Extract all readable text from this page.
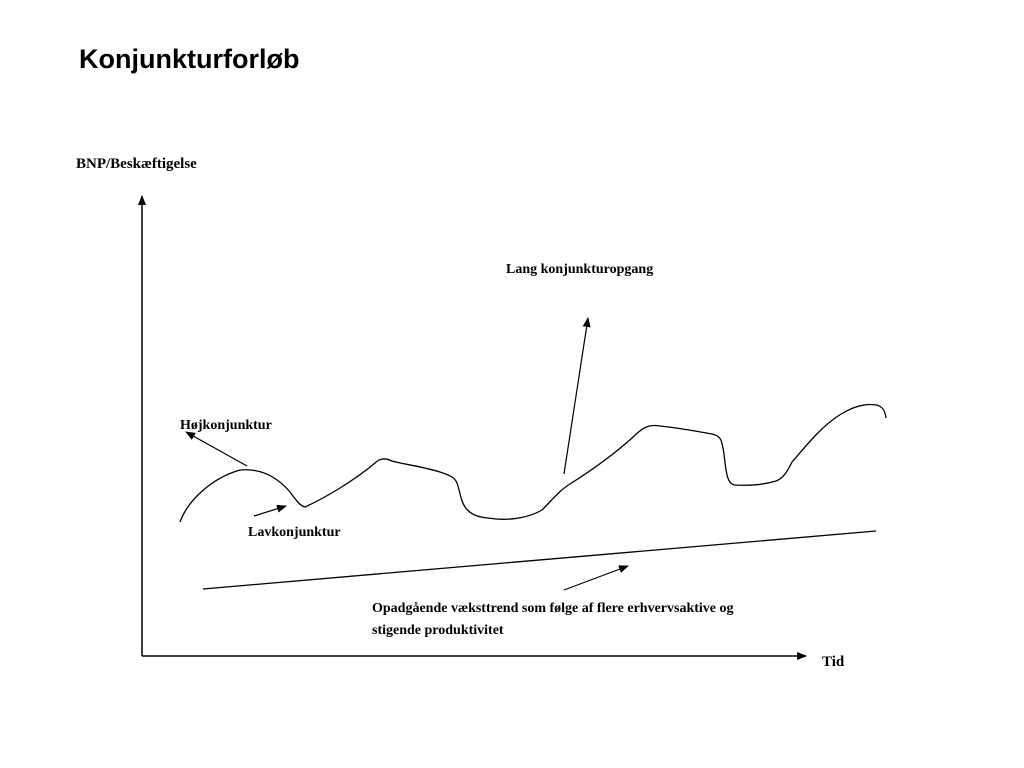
Konjunkturforløb
BNP/Beskæftigelse
Tid
Højkonjunktur
Lavkonjunktur
Lang konjunkturopgang
Opadgående væksttrend som følge af flere erhvervsaktive og
stigende produktivitet
